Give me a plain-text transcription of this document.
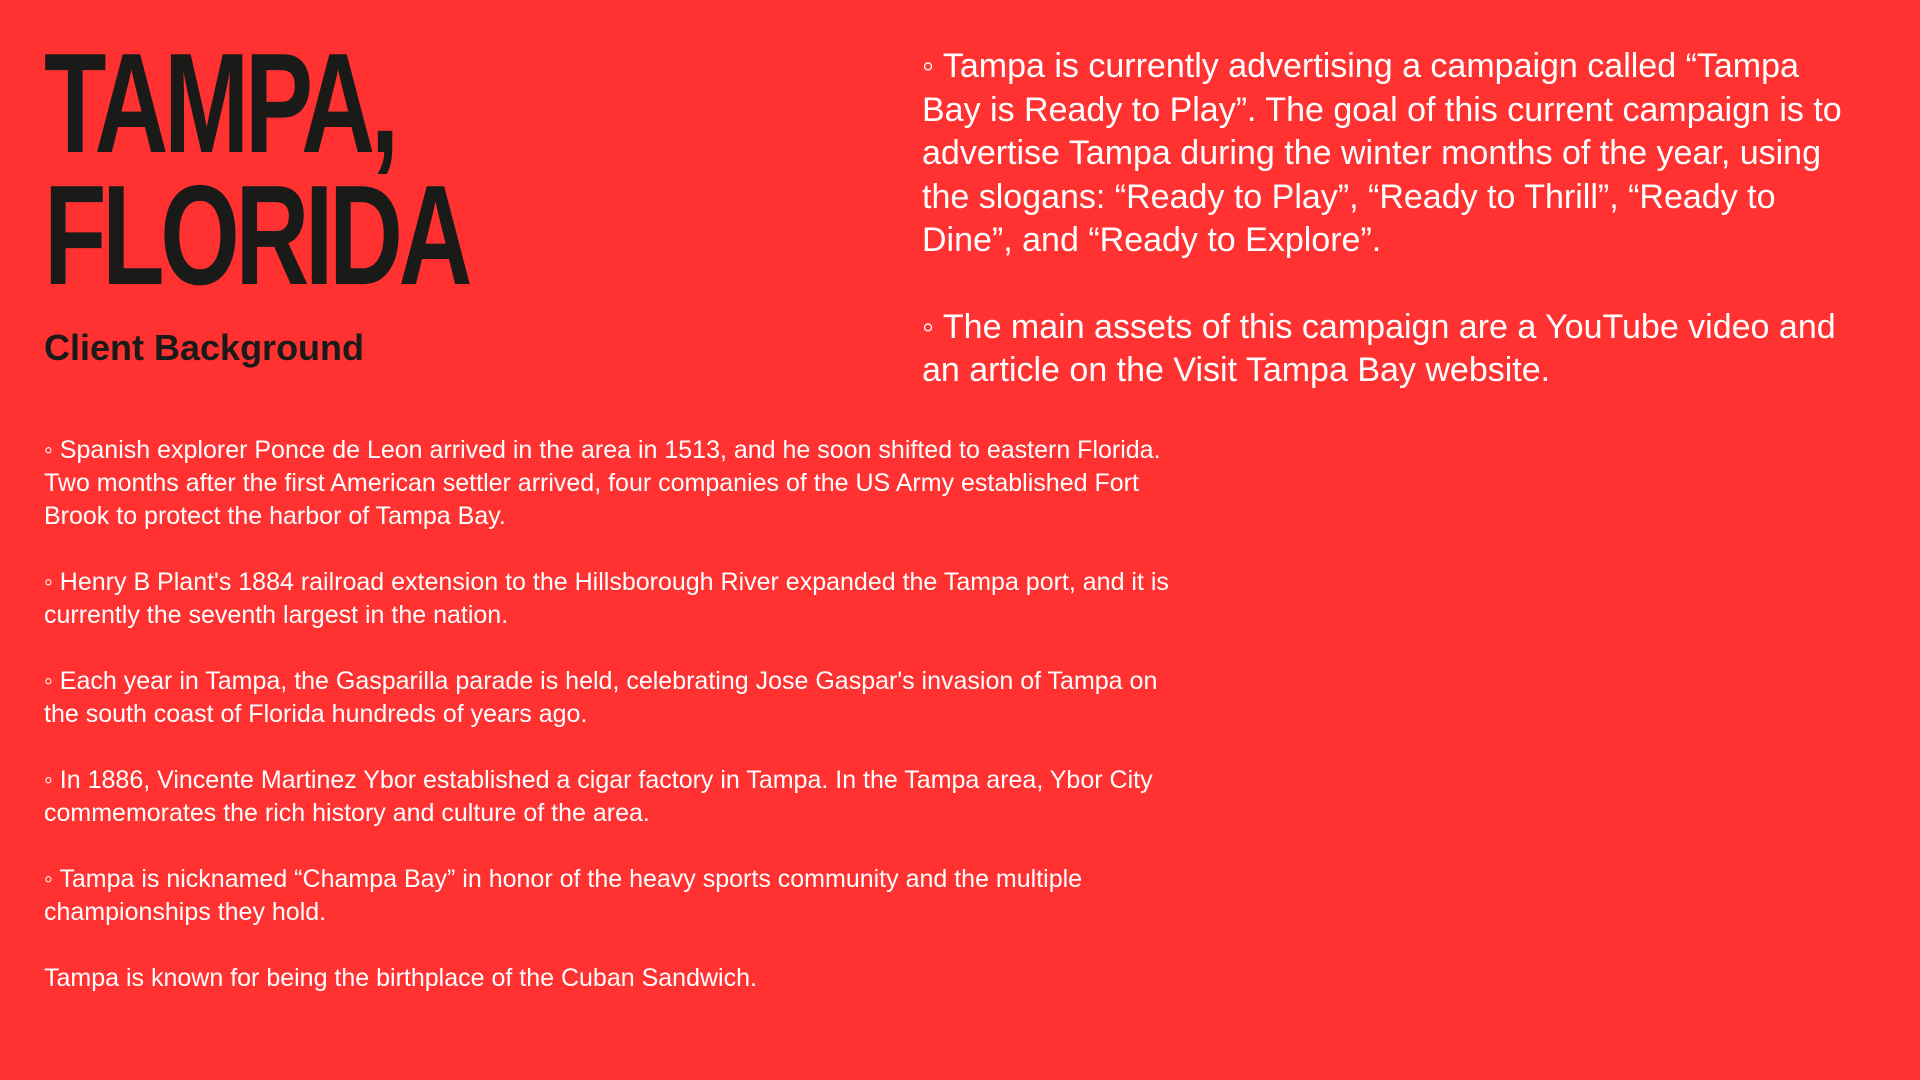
TAMPA,
FLORIDA
Client Background

◦ Tampa is currently advertising a campaign called “Tampa Bay is Ready to Play”. The goal of this current campaign is to advertise Tampa during the winter months of the year, using the slogans: “Ready to Play”, “Ready to Thrill”, “Ready to Dine”, and “Ready to Explore”.

◦ The main assets of this campaign are a YouTube video and an article on the Visit Tampa Bay website.

◦ Spanish explorer Ponce de Leon arrived in the area in 1513, and he soon shifted to eastern Florida. Two months after the first American settler arrived, four companies of the US Army established Fort Brook to protect the harbor of Tampa Bay.

◦ Henry B Plant's 1884 railroad extension to the Hillsborough River expanded the Tampa port, and it is currently the seventh largest in the nation.

◦ Each year in Tampa, the Gasparilla parade is held, celebrating Jose Gaspar's invasion of Tampa on the south coast of Florida hundreds of years ago.

◦ In 1886, Vincente Martinez Ybor established a cigar factory in Tampa. In the Tampa area, Ybor City commemorates the rich history and culture of the area.

◦ Tampa is nicknamed “Champa Bay” in honor of the heavy sports community and the multiple championships they hold.

Tampa is known for being the birthplace of the Cuban Sandwich.
